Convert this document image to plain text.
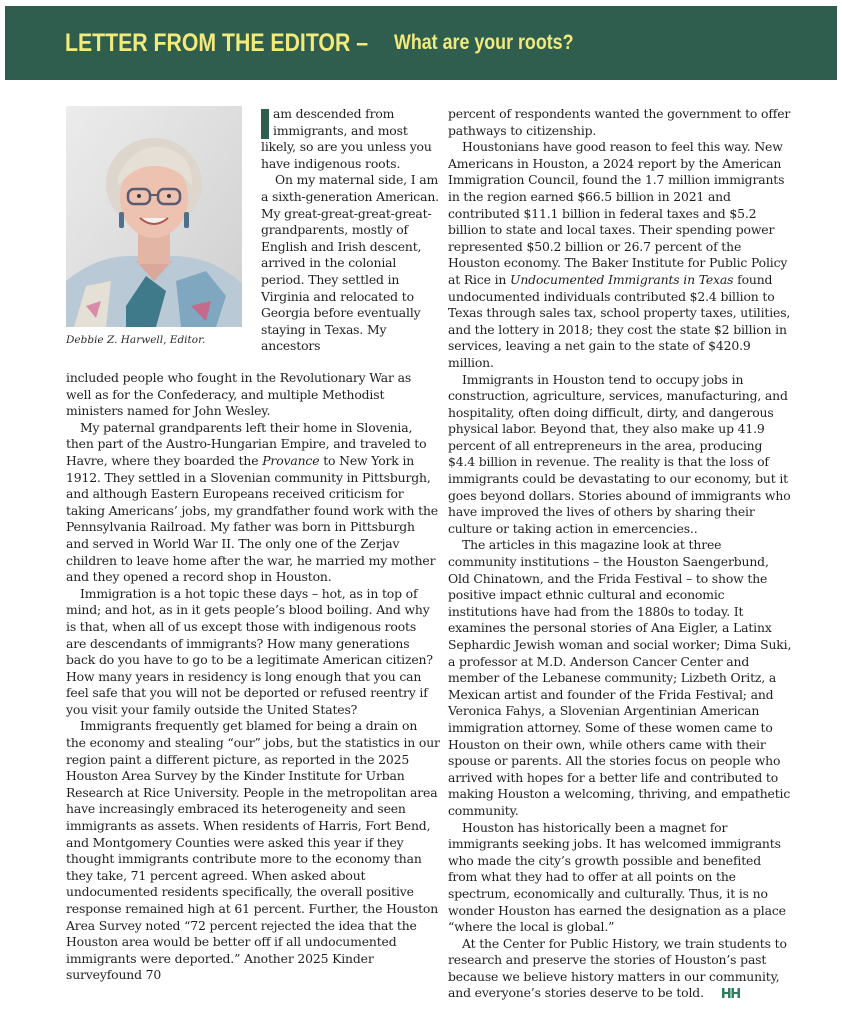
LETTER FROM THE EDITOR – What are your roots?
Debbie Z. Harwell, Editor.

am descended from immigrants, and most likely, so are you unless you have indigenous roots.

On my maternal side, I am a sixth-generation American. My great-great-great-great-grandparents, mostly of English and Irish descent, arrived in the colonial period. They settled in Virginia and relocated to Georgia before eventually staying in Texas. My ancestors

included people who fought in the Revolutionary War as well as for the Confederacy, and multiple Methodist ministers named for John Wesley.

My paternal grandparents left their home in Slovenia, then part of the Austro-Hungarian Empire, and traveled to Havre, where they boarded the Provance to New York in 1912. They settled in a Slovenian community in Pittsburgh, and although Eastern Europeans received criticism for taking Americans’ jobs, my grandfather found work with the Pennsylvania Railroad. My father was born in Pittsburgh and served in World War II. The only one of the Zerjav children to leave home after the war, he married my mother and they opened a record shop in Houston.

Immigration is a hot topic these days – hot, as in top of mind; and hot, as in it gets people’s blood boiling. And why is that, when all of us except those with indigenous roots are descendants of immigrants? How many generations back do you have to go to be a legitimate American citizen? How many years in residency is long enough that you can feel safe that you will not be deported or refused reentry if you visit your family outside the United States?

Immigrants frequently get blamed for being a drain on the economy and stealing “our” jobs, but the statistics in our region paint a different picture, as reported in the 2025 Houston Area Survey by the Kinder Institute for Urban Research at Rice University. People in the metropolitan area have increasingly embraced its heterogeneity and seen immigrants as assets. When residents of Harris, Fort Bend, and Montgomery Counties were asked this year if they thought immigrants contribute more to the economy than they take, 71 percent agreed. When asked about undocumented residents specifically, the overall positive response remained high at 61 percent. Further, the Houston Area Survey noted “72 percent rejected the idea that the Houston area would be better off if all undocumented immigrants were deported.” Another 2025 Kinder surveyfound 70

percent of respondents wanted the government to offer pathways to citizenship.

Houstonians have good reason to feel this way. New Americans in Houston, a 2024 report by the American Immigration Council, found the 1.7 million immigrants in the region earned $66.5 billion in 2021 and contributed $11.1 billion in federal taxes and $5.2 billion to state and local taxes. Their spending power represented $50.2 billion or 26.7 percent of the Houston economy. The Baker Institute for Public Policy at Rice in Undocumented Immigrants in Texas found undocumented individuals contributed $2.4 billion to Texas through sales tax, school property taxes, utilities, and the lottery in 2018; they cost the state $2 billion in services, leaving a net gain to the state of $420.9 million.

Immigrants in Houston tend to occupy jobs in construction, agriculture, services, manufacturing, and hospitality, often doing difficult, dirty, and dangerous physical labor. Beyond that, they also make up 41.9 percent of all entrepreneurs in the area, producing $4.4 billion in revenue. The reality is that the loss of immigrants could be devastating to our economy, but it goes beyond dollars. Stories abound of immigrants who have improved the lives of others by sharing their culture or taking action in emercencies..

The articles in this magazine look at three community institutions – the Houston Saengerbund, Old Chinatown, and the Frida Festival – to show the positive impact ethnic cultural and economic institutions have had from the 1880s to today. It examines the personal stories of Ana Eigler, a Latinx Sephardic Jewish woman and social worker; Dima Suki, a professor at M.D. Anderson Cancer Center and member of the Lebanese community; Lizbeth Oritz, a Mexican artist and founder of the Frida Festival; and Veronica Fahys, a Slovenian Argentinian American immigration attorney. Some of these women came to Houston on their own, while others came with their spouse or parents. All the stories focus on people who arrived with hopes for a better life and contributed to making Houston a welcoming, thriving, and empathetic community.

Houston has historically been a magnet for immigrants seeking jobs. It has welcomed immigrants who made the city’s growth possible and benefited from what they had to offer at all points on the spectrum, economically and culturally. Thus, it is no wonder Houston has earned the designation as a place “where the local is global.”

At the Center for Public History, we train students to research and preserve the stories of Houston’s past because we believe history matters in our community, and everyone’s stories deserve to be told.
